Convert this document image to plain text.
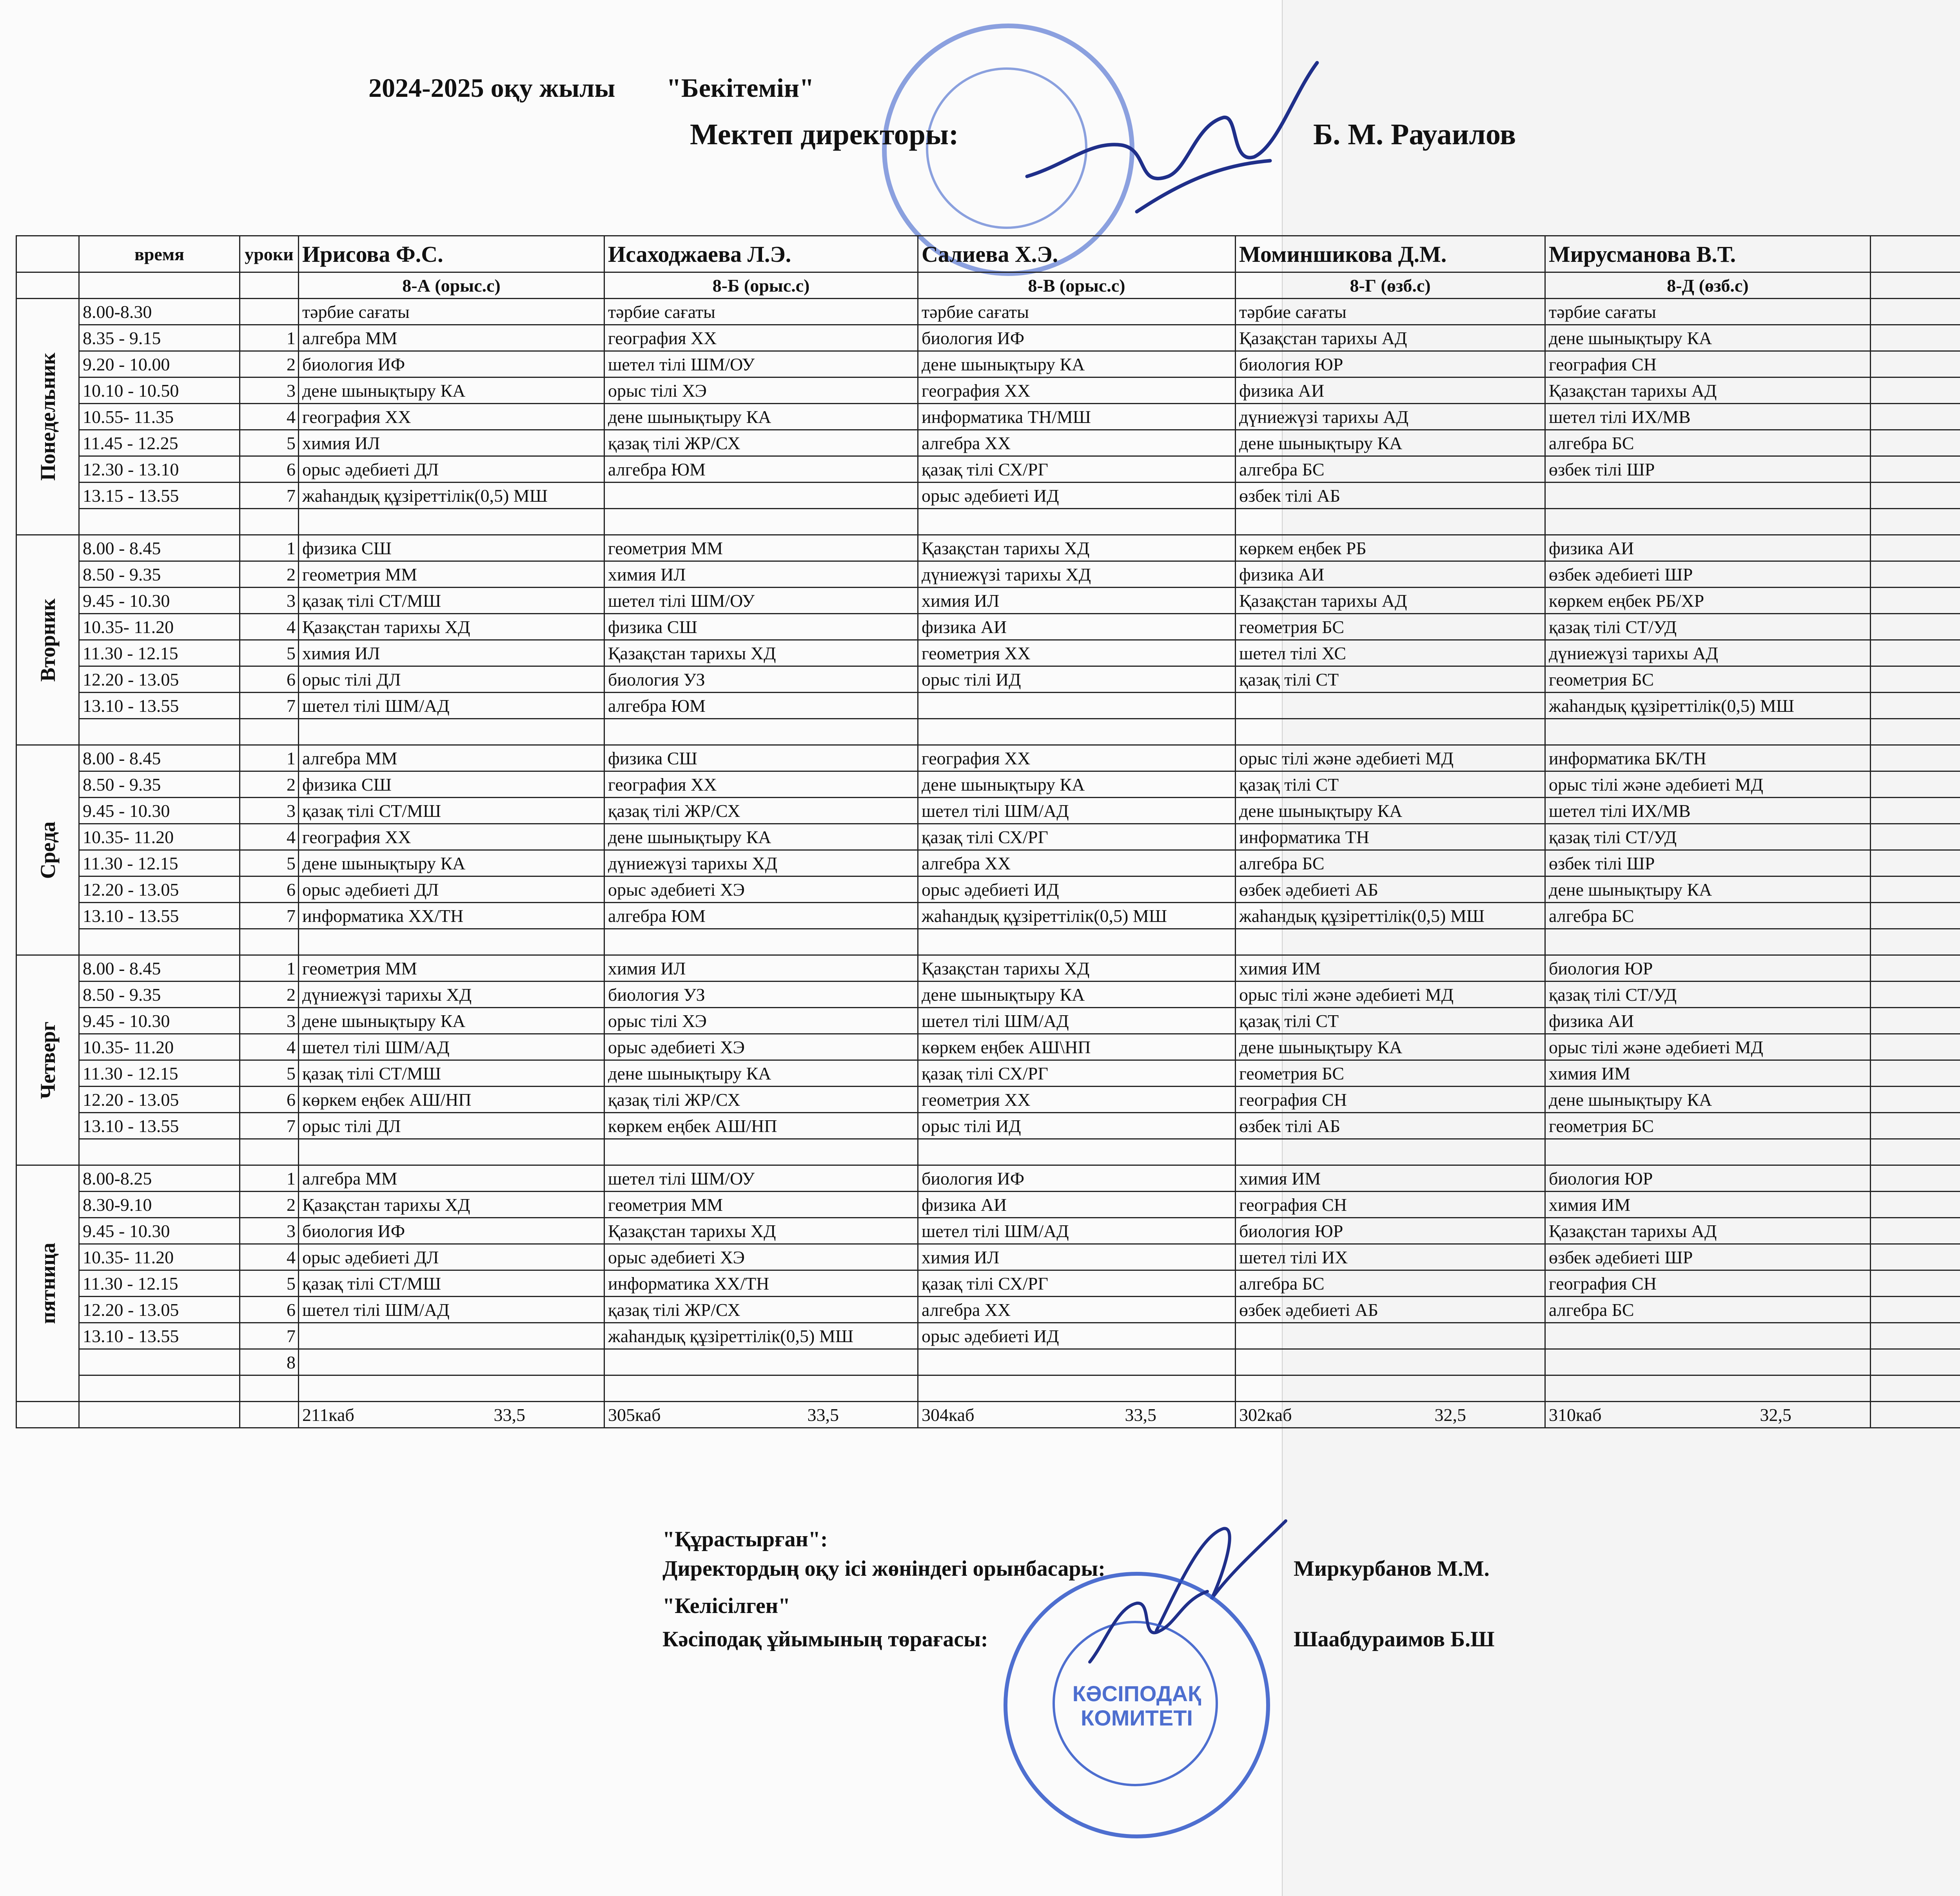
2024-2025 оқу жылы "Бекітемін"
Мектеп директоры:	Б. М. Рауаилов
	время	уроки	Ирисова Ф.С.	Исаходжаева Л.Э.	Салиева Х.Э.	Моминшикова Д.М.	Мирусманова В.Т.		
			8-А (орыс.с)	8-Б (орыс.с)	8-В (орыс.с)	8-Г (өзб.с)	8-Д (өзб.с)		

Понедельник	8.00-8.30		тәрбие сағаты	тәрбие сағаты	тәрбие сағаты	тәрбие сағаты	тәрбие сағаты		
	8.35 - 9.15	1	алгебра ММ	география ХХ	биология ИФ	Қазақстан тарихы АД	дене шынықтыру КА		
	9.20 - 10.00	2	биология ИФ	шетел тілі ШМ/ОУ	дене шынықтыру КА	биология ЮР	география СН		
	10.10 - 10.50	3	дене шынықтыру КА	орыс тілі ХЭ	география ХХ	физика АИ	Қазақстан тарихы АД		
	10.55- 11.35	4	география ХХ	дене шынықтыру КА	информатика ТН/МШ	дүниежүзі тарихы АД	шетел тілі ИХ/МВ		
	11.45 - 12.25	5	химия ИЛ	қазақ тілі ЖР/СХ	алгебра ХХ	дене шынықтыру КА	алгебра БС		
	12.30 - 13.10	6	орыс әдебиеті ДЛ	алгебра ЮМ	қазақ тілі СХ/РГ	алгебра БС	өзбек тілі ШР		
	13.15 - 13.55	7	жаһандық құзіреттілік(0,5) МШ		орыс әдебиеті ИД	өзбек тілі АБ			

Вторник	8.00 - 8.45	1	физика СШ	геометрия ММ	Қазақстан тарихы ХД	көркем еңбек РБ	физика АИ		
	8.50 - 9.35	2	геометрия ММ	химия ИЛ	дүниежүзі тарихы ХД	физика АИ	өзбек әдебиеті ШР		
	9.45 - 10.30	3	қазақ тілі СТ/МШ	шетел тілі ШМ/ОУ	химия ИЛ	Қазақстан тарихы АД	көркем еңбек РБ/ХР		
	10.35- 11.20	4	Қазақстан тарихы ХД	физика СШ	физика АИ	геометрия БС	қазақ тілі СТ/УД		
	11.30 - 12.15	5	химия ИЛ	Қазақстан тарихы ХД	геометрия ХХ	шетел тілі ХС	дүниежүзі тарихы АД		
	12.20 - 13.05	6	орыс тілі ДЛ	биология УЗ	орыс тілі ИД	қазақ тілі СТ	геометрия БС		
	13.10 - 13.55	7	шетел тілі ШМ/АД	алгебра ЮМ			жаһандық құзіреттілік(0,5) МШ		

Среда	8.00 - 8.45	1	алгебра ММ	физика СШ	география ХХ	орыс тілі және әдебиеті МД	информатика БК/ТН		
	8.50 - 9.35	2	физика СШ	география ХХ	дене шынықтыру КА	қазақ тілі СТ	орыс тілі және әдебиеті МД		
	9.45 - 10.30	3	қазақ тілі СТ/МШ	қазақ тілі ЖР/СХ	шетел тілі ШМ/АД	дене шынықтыру КА	шетел тілі ИХ/МВ		
	10.35- 11.20	4	география ХХ	дене шынықтыру КА	қазақ тілі СХ/РГ	информатика ТН	қазақ тілі СТ/УД		
	11.30 - 12.15	5	дене шынықтыру КА	дүниежүзі тарихы ХД	алгебра ХХ	алгебра БС	өзбек тілі ШР		
	12.20 - 13.05	6	орыс әдебиеті ДЛ	орыс әдебиеті ХЭ	орыс әдебиеті ИД	өзбек әдебиеті АБ	дене шынықтыру КА		
	13.10 - 13.55	7	информатика ХХ/ТН	алгебра ЮМ	жаһандық құзіреттілік(0,5) МШ	жаһандық құзіреттілік(0,5) МШ	алгебра БС		

Четверг	8.00 - 8.45	1	геометрия ММ	химия ИЛ	Қазақстан тарихы ХД	химия ИМ	биология ЮР		
	8.50 - 9.35	2	дүниежүзі тарихы ХД	биология УЗ	дене шынықтыру КА	орыс тілі және әдебиеті МД	қазақ тілі СТ/УД		
	9.45 - 10.30	3	дене шынықтыру КА	орыс тілі ХЭ	шетел тілі ШМ/АД	қазақ тілі СТ	физика АИ		
	10.35- 11.20	4	шетел тілі ШМ/АД	орыс әдебиеті ХЭ	көркем еңбек АШ\НП	дене шынықтыру КА	орыс тілі және әдебиеті МД		
	11.30 - 12.15	5	қазақ тілі СТ/МШ	дене шынықтыру КА	қазақ тілі СХ/РГ	геометрия БС	химия ИМ		
	12.20 - 13.05	6	көркем еңбек АШ/НП	қазақ тілі ЖР/СХ	геометрия ХХ	география СН	дене шынықтыру КА		
	13.10 - 13.55	7	орыс тілі ДЛ	көркем еңбек АШ/НП	орыс тілі ИД	өзбек тілі АБ	геометрия БС		

пятница	8.00-8.25	1	алгебра ММ	шетел тілі ШМ/ОУ	биология ИФ	химия ИМ	биология ЮР		
	8.30-9.10	2	Қазақстан тарихы ХД	геометрия ММ	физика АИ	география СН	химия ИМ		
	9.45 - 10.30	3	биология ИФ	Қазақстан тарихы ХД	шетел тілі ШМ/АД	биология ЮР	Қазақстан тарихы АД		
	10.35- 11.20	4	орыс әдебиеті ДЛ	орыс әдебиеті ХЭ	химия ИЛ	шетел тілі ИХ	өзбек әдебиеті ШР		
	11.30 - 12.15	5	қазақ тілі СТ/МШ	информатика ХХ/ТН	қазақ тілі СХ/РГ	алгебра БС	география СН		
	12.20 - 13.05	6	шетел тілі ШМ/АД	қазақ тілі ЖР/СХ	алгебра ХХ	өзбек әдебиеті АБ	алгебра БС		
	13.10 - 13.55	7		жаһандық құзіреттілік(0,5) МШ	орыс әдебиеті ИД				
		8							

			211каб 33,5	305каб 33,5	304каб 33,5	302каб 32,5	310каб 32,5		

"Құрастырған":
Директордың оқу ісі жөніндегі орынбасары:	Миркурбанов М.М.
"Келісілген"
Кәсіподақ ұйымының төрағасы:	Шаабдураимов Б.Ш
КӘСІПОДАҚ
КОМИТЕТІ
